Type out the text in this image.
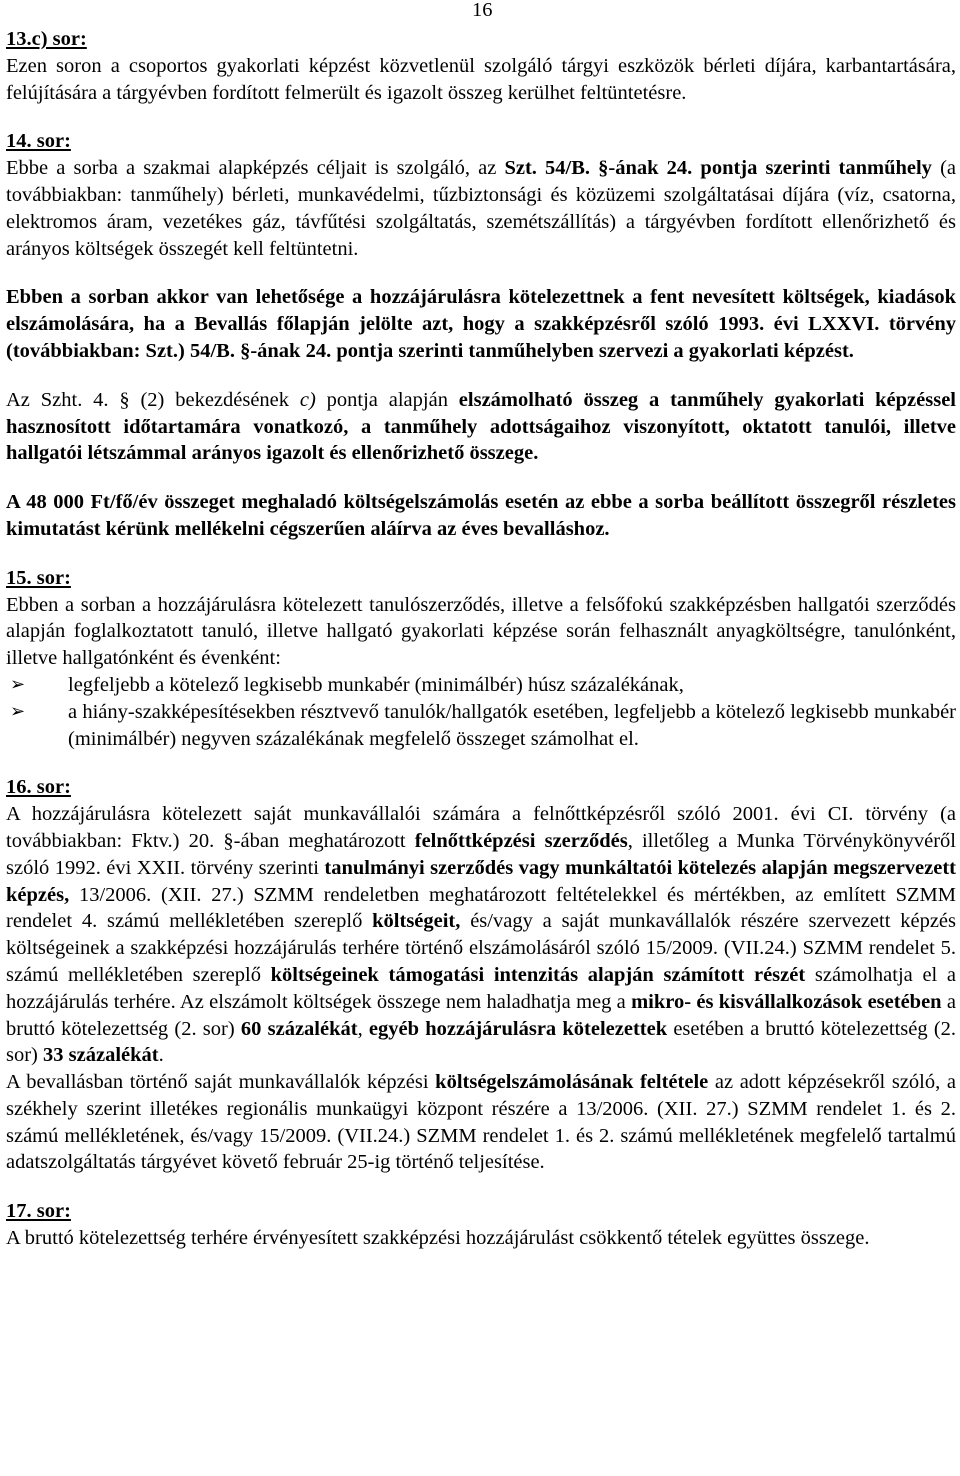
16
13.c) sor:

Ezen soron a csoportos gyakorlati képzést közvetlenül szolgáló tárgyi eszközök bérleti díjára, karbantartására, felújítására a tárgyévben fordított felmerült és igazolt összeg kerülhet feltüntetésre.

14. sor:

Ebbe a sorba a szakmai alapképzés céljait is szolgáló, az Szt. 54/B. §-ának 24. pontja szerinti tanműhely (a továbbiakban: tanműhely) bérleti, munkavédelmi, tűzbiztonsági és közüzemi szolgáltatásai díjára (víz, csatorna, elektromos áram, vezetékes gáz, távfűtési szolgáltatás, szemétszállítás) a tárgyévben fordított ellenőrizhető és arányos költségek összegét kell feltüntetni.

Ebben a sorban akkor van lehetősége a hozzájárulásra kötelezettnek a fent nevesített költségek, kiadások elszámolására, ha a Bevallás főlapján jelölte azt, hogy a szakképzésről szóló 1993. évi LXXVI. törvény (továbbiakban: Szt.) 54/B. §-ának 24. pontja szerinti tanműhelyben szervezi a gyakorlati képzést.

Az Szht. 4. § (2) bekezdésének c) pontja alapján elszámolható összeg a tanműhely gyakorlati képzéssel hasznosított időtartamára vonatkozó, a tanműhely adottságaihoz viszonyított, oktatott tanulói, illetve hallgatói létszámmal arányos igazolt és ellenőrizhető összege.

A 48 000 Ft/fő/év összeget meghaladó költségelszámolás esetén az ebbe a sorba beállított összegről részletes kimutatást kérünk mellékelni cégszerűen aláírva az éves bevalláshoz.

15. sor:

Ebben a sorban a hozzájárulásra kötelezett tanulószerződés, illetve a felsőfokú szakképzésben hallgatói szerződés alapján foglalkoztatott tanuló, illetve hallgató gyakorlati képzése során felhasznált anyagköltségre, tanulónként, illetve hallgatónként és évenként:

➢ legfeljebb a kötelező legkisebb munkabér (minimálbér) húsz százalékának,
➢ a hiány-szakképesítésekben résztvevő tanulók/hallgatók esetében, legfeljebb a kötelező legkisebb munkabér (minimálbér) negyven százalékának megfelelő összeget számolhat el.
16. sor:

A hozzájárulásra kötelezett saját munkavállalói számára a felnőttképzésről szóló 2001. évi CI. törvény (a továbbiakban: Fktv.) 20. §-ában meghatározott felnőttképzési szerződés, illetőleg a Munka Törvénykönyvéről szóló 1992. évi XXII. törvény szerinti tanulmányi szerződés vagy munkáltatói kötelezés alapján megszervezett képzés, 13/2006. (XII. 27.) SZMM rendeletben meghatározott feltételekkel és mértékben, az említett SZMM rendelet 4. számú mellékletében szereplő költségeit, és/vagy a saját munkavállalók részére szervezett képzés költségeinek a szakképzési hozzájárulás terhére történő elszámolásáról szóló 15/2009. (VII.24.) SZMM rendelet 5. számú mellékletében szereplő költségeinek támogatási intenzitás alapján számított részét számolhatja el a hozzájárulás terhére. Az elszámolt költségek összege nem haladhatja meg a mikro- és kisvállalkozások esetében a bruttó kötelezettség (2. sor) 60 százalékát, egyéb hozzájárulásra kötelezettek esetében a bruttó kötelezettség (2. sor) 33 százalékát.

A bevallásban történő saját munkavállalók képzési költségelszámolásának feltétele az adott képzésekről szóló, a székhely szerint illetékes regionális munkaügyi központ részére a 13/2006. (XII. 27.) SZMM rendelet 1. és 2. számú mellékletének, és/vagy 15/2009. (VII.24.) SZMM rendelet 1. és 2. számú mellékletének megfelelő tartalmú adatszolgáltatás tárgyévet követő február 25-ig történő teljesítése.

17. sor:

A bruttó kötelezettség terhére érvényesített szakképzési hozzájárulást csökkentő tételek együttes összege.
